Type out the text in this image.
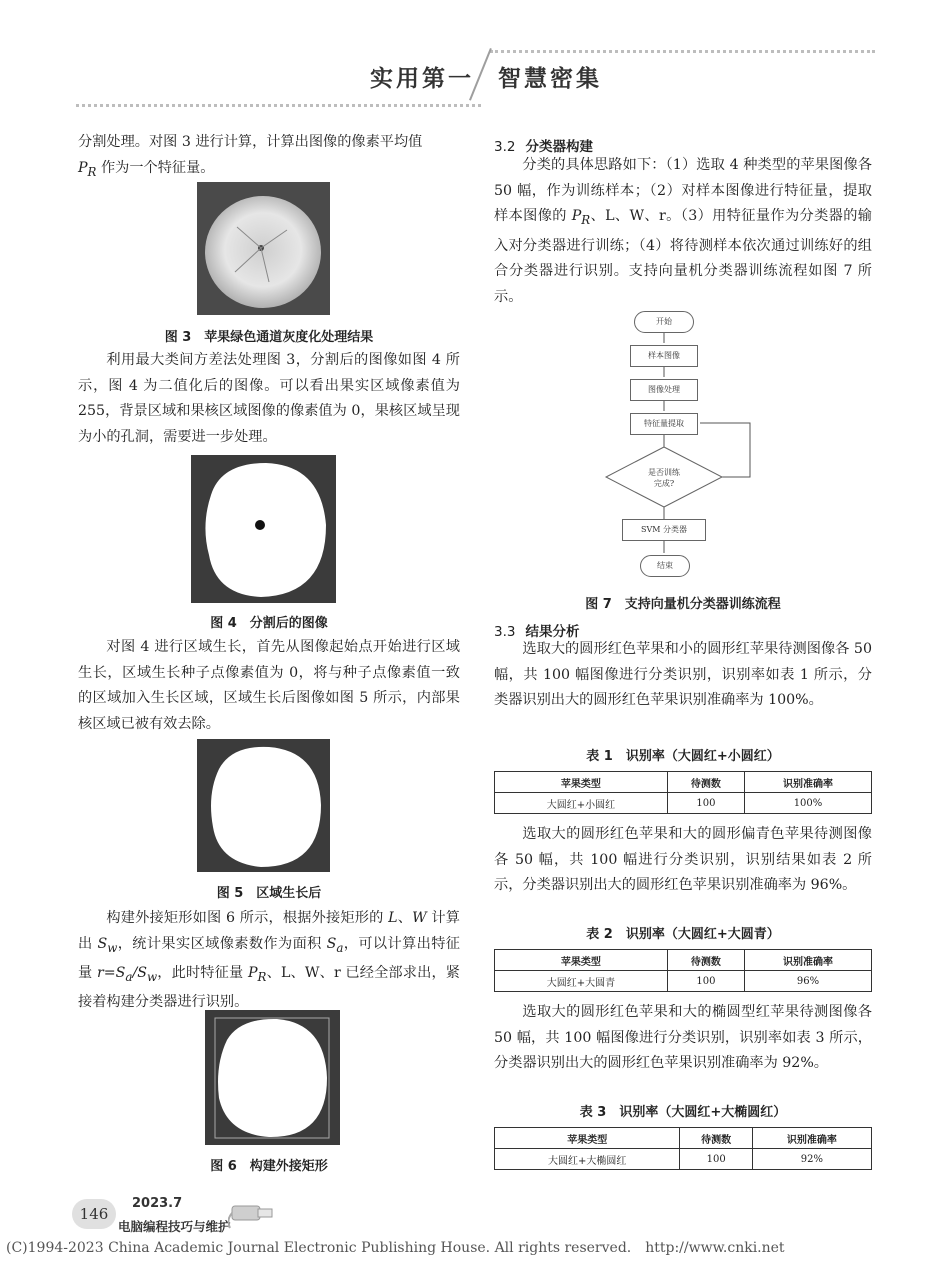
实用第一 智慧密集

分割处理。对图 3 进行计算，计算出图像的像素平均值

$P_R$ 作为一个特征量。

图 3　苹果绿色通道灰度化处理结果

利用最大类间方差法处理图 3，分割后的图像如图 4 所示，图 4 为二值化后的图像。可以看出果实区域像素值为 255，背景区域和果核区域图像的像素值为 0，果核区域呈现为小的孔洞，需要进一步处理。

图 4　分割后的图像

对图 4 进行区域生长，首先从图像起始点开始进行区域生长，区域生长种子点像素值为 0，将与种子点像素值一致的区域加入生长区域，区域生长后图像如图 5 所示，内部果核区域已被有效去除。

图 5　区域生长后

构建外接矩形如图 6 所示，根据外接矩形的 L、W 计算出 $S_w$，统计果实区域像素数作为面积 $S_a$，可以计算出特征量 $r=S_a/S_w$，此时特征量 $P_R$、L、W、r 已经全部求出，紧接着构建分类器进行识别。

图 6　构建外接矩形
3.2 分类器构建

分类的具体思路如下：（1）选取 4 种类型的苹果图像各 50 幅，作为训练样本；（2）对样本图像进行特征量，提取样本图像的 $P_R$、L、W、r。（3）用特征量作为分类器的输入对分类器进行训练；（4）将待测样本依次通过训练好的组合分类器进行识别。支持向量机分类器训练流程如图 7 所示。

开始
样本图像
图像处理
特征量提取
是否训练
完成?
SVM 分类器
结束
图 7　支持向量机分类器训练流程
3.3 结果分析

选取大的圆形红色苹果和小的圆形红苹果待测图像各 50 幅，共 100 幅图像进行分类识别，识别率如表 1 所示，分类器识别出大的圆形红色苹果识别准确率为 100%。

表 1　识别率（大圆红+小圆红）
苹果类型	待测数	识别准确率
大圆红+小圆红	100	100%

选取大的圆形红色苹果和大的圆形偏青色苹果待测图像各 50 幅，共 100 幅进行分类识别，识别结果如表 2 所示，分类器识别出大的圆形红色苹果识别准确率为 96%。

表 2　识别率（大圆红+大圆青）
苹果类型	待测数	识别准确率
大圆红+大圆青	100	96%

选取大的圆形红色苹果和大的椭圆型红苹果待测图像各 50 幅，共 100 幅图像进行分类识别，识别率如表 3 所示，分类器识别出大的圆形红色苹果识别准确率为 92%。

表 3　识别率（大圆红+大椭圆红）
苹果类型	待测数	识别准确率
大圆红+大椭圆红	100	92%
146
2023.7
电脑编程技巧与维护
(C)1994-2023 China Academic Journal Electronic Publishing House. All rights reserved.　http://www.cnki.net
